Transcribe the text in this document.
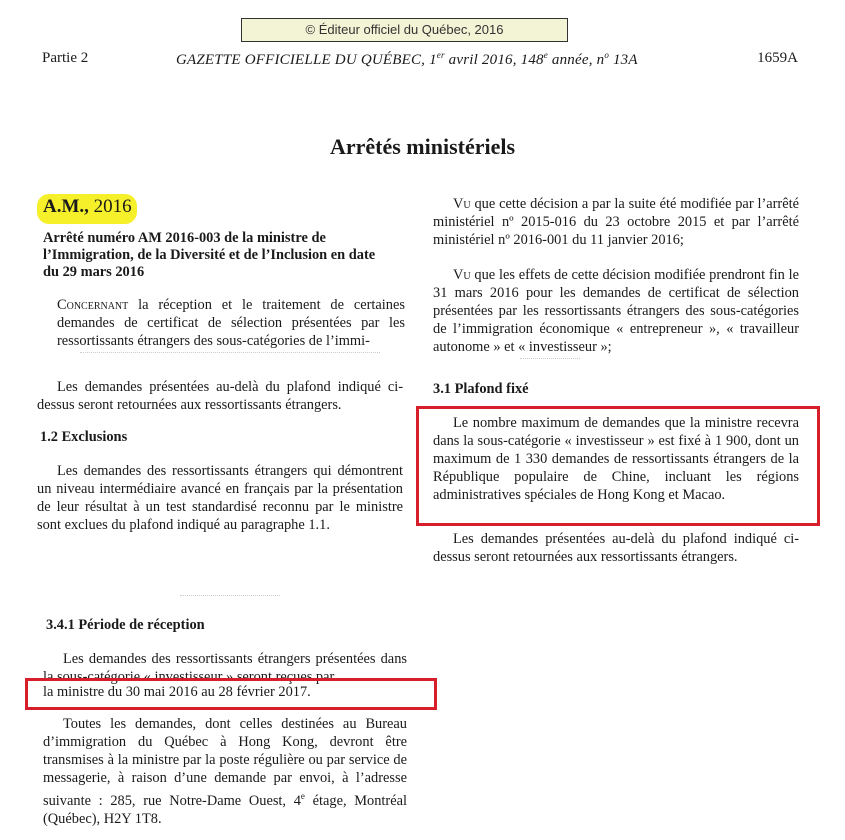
© Éditeur officiel du Québec, 2016
Partie 2	GAZETTE OFFICIELLE DU QUÉBEC, 1er avril 2016, 148e année, $n^o$ 13A	1659A
Arrêtés ministériels
A.M., 2016
Arrêté numéro AM 2016-003 de la ministre de l’Immigration, de la Diversité et de l’Inclusion en date du 29 mars 2016
Concernant la réception et le traitement de certaines demandes de certificat de sélection présentées par les ressortissants étrangers des sous-catégories de l’immi-
Les demandes présentées au-delà du plafond indiqué ci-dessus seront retournées aux ressortissants étrangers.
1.2 Exclusions
Les demandes des ressortissants étrangers qui démontrent un niveau intermédiaire avancé en français par la présentation de leur résultat à un test standardisé reconnu par le ministre sont exclues du plafond indiqué au paragraphe 1.1.
3.4.1 Période de réception
Les demandes des ressortissants étrangers présentées dans la sous-catégorie « investisseur » seront reçues par
la ministre du 30 mai 2016 au 28 février 2017.
Toutes les demandes, dont celles destinées au Bureau d’immigration du Québec à Hong Kong, devront être transmises à la ministre par la poste régulière ou par service de messagerie, à raison d’une demande par envoi, à l’adresse suivante : 285, rue Notre-Dame Ouest, 4e étage, Montréal (Québec), H2Y 1T8.
Vu que cette décision a par la suite été modifiée par l’arrêté ministériel nº 2015-016 du 23 octobre 2015 et par l’arrêté ministériel nº 2016-001 du 11 janvier 2016;
Vu que les effets de cette décision modifiée prendront fin le 31 mars 2016 pour les demandes de certificat de sélection présentées par les ressortissants étrangers des sous-catégories de l’immigration économique « entrepreneur », « travailleur autonome » et « investisseur »;
3.1 Plafond fixé
Le nombre maximum de demandes que la ministre recevra dans la sous-catégorie « investisseur » est fixé à 1 900, dont un maximum de 1 330 demandes de ressortissants étrangers de la République populaire de Chine, incluant les régions administratives spéciales de Hong Kong et Macao.
Les demandes présentées au-delà du plafond indiqué ci-dessus seront retournées aux ressortissants étrangers.
